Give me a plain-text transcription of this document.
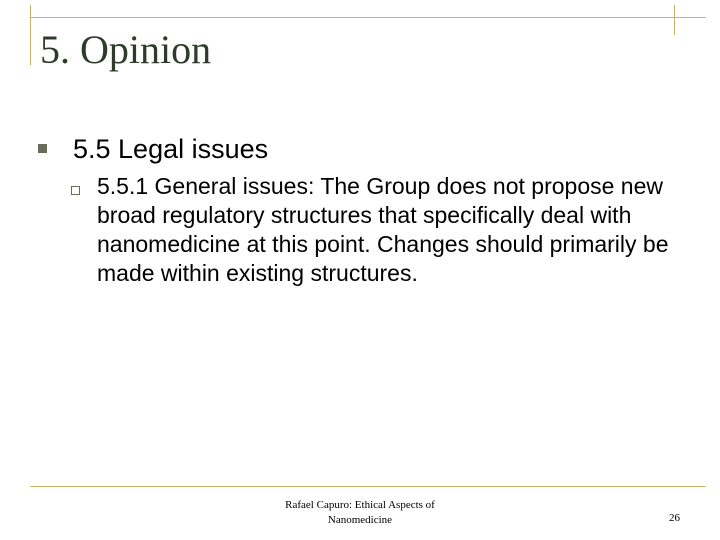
5. Opinion
5.5 Legal issues
5.5.1 General issues: The Group does not propose new broad regulatory structures that specifically deal with nanomedicine at this point. Changes should primarily be made within existing structures.
Rafael Capuro: Ethical Aspects of
Nanomedicine	26
